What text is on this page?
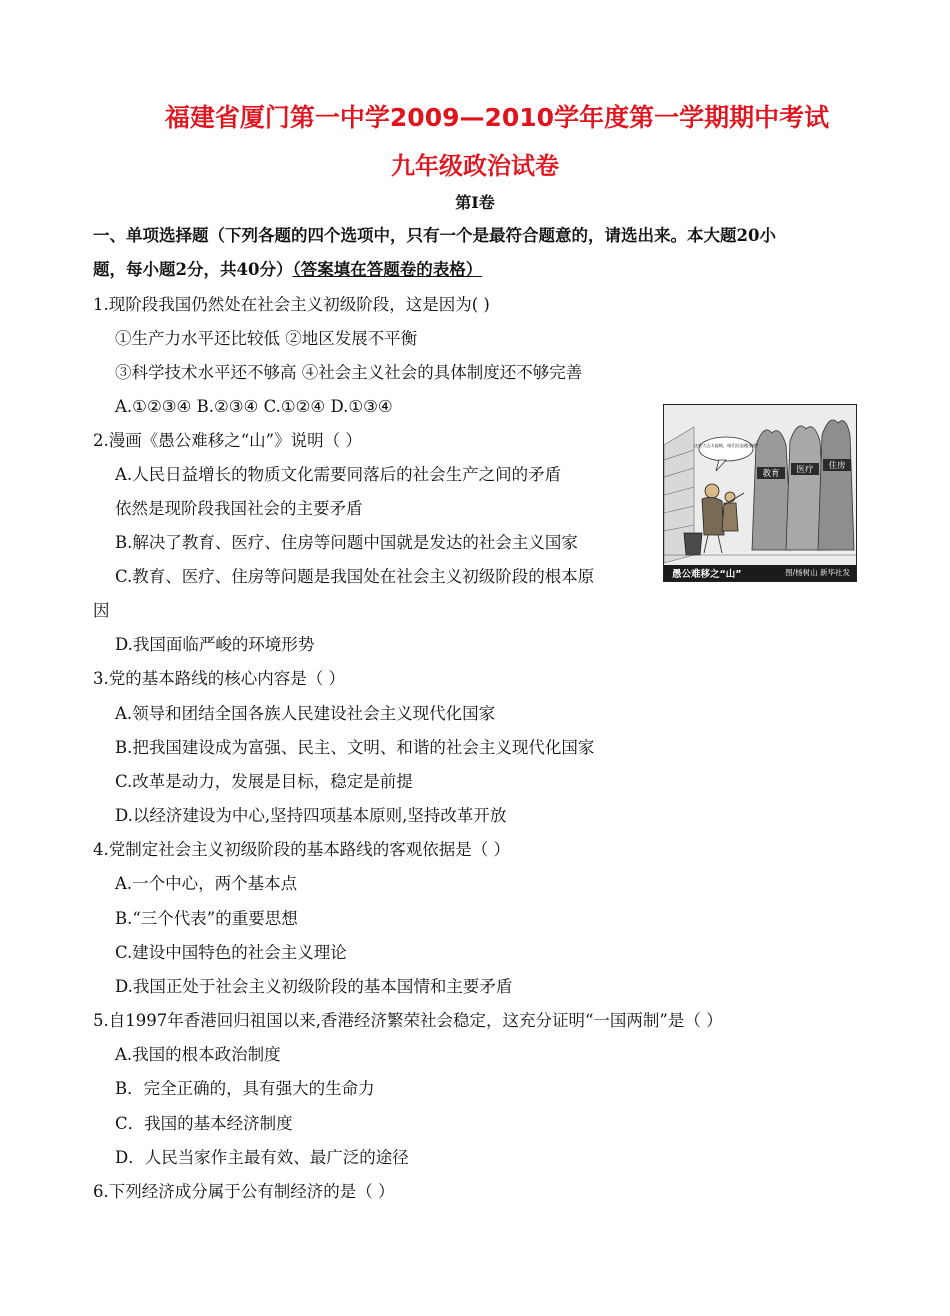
福建省厦门第一中学2009—2010学年度第一学期期中考试
九年级政治试卷
第Ⅰ卷
一、单项选择题（下列各题的四个选项中，只有一个是最符合题意的，请选出来。本大题20小
题，每小题2分，共40分）（答案填在答题卷的表格）
1.现阶段我国仍然处在社会主义初级阶段，这是因为( )
①生产力水平还比较低 ②地区发展不平衡
③科学技术水平还不够高 ④社会主义社会的具体制度还不够完善
A.①②③④ B.②③④ C.①②④ D.①③④
2.漫画《愚公难移之“山”》说明（ ）
A.人民日益增长的物质文化需要同落后的社会生产之间的矛盾
依然是现阶段我国社会的主要矛盾
B.解决了教育、医疗、住房等问题中国就是发达的社会主义国家
C.教育、医疗、住房等问题是我国处在社会主义初级阶段的根本原
因
D.我国面临严峻的环境形势
3.党的基本路线的核心内容是（ ）
A.领导和团结全国各族人民建设社会主义现代化国家
B.把我国建设成为富强、民主、文明、和谐的社会主义现代化国家
C.改革是动力，发展是目标，稳定是前提
D.以经济建设为中心,坚持四项基本原则,坚持改革开放
4.党制定社会主义初级阶段的基本路线的客观依据是（ ）
A.一个中心，两个基本点
B.“三个代表”的重要思想
C.建设中国特色的社会主义理论
D.我国正处于社会主义初级阶段的基本国情和主要矛盾
5.自1997年香港回归祖国以来,香港经济繁荣社会稳定，这充分证明“一国两制”是（ ）
A.我国的根本政治制度
B．完全正确的，具有强大的生命力
C．我国的基本经济制度
D．人民当家作主最有效、最广泛的途径
6.下列经济成分属于公有制经济的是（ ）
教育 医疗 住房
这些大山太陡峭，咱们还是搬家吧!
愚公难移之“山”	图/杨树山 新华社发
